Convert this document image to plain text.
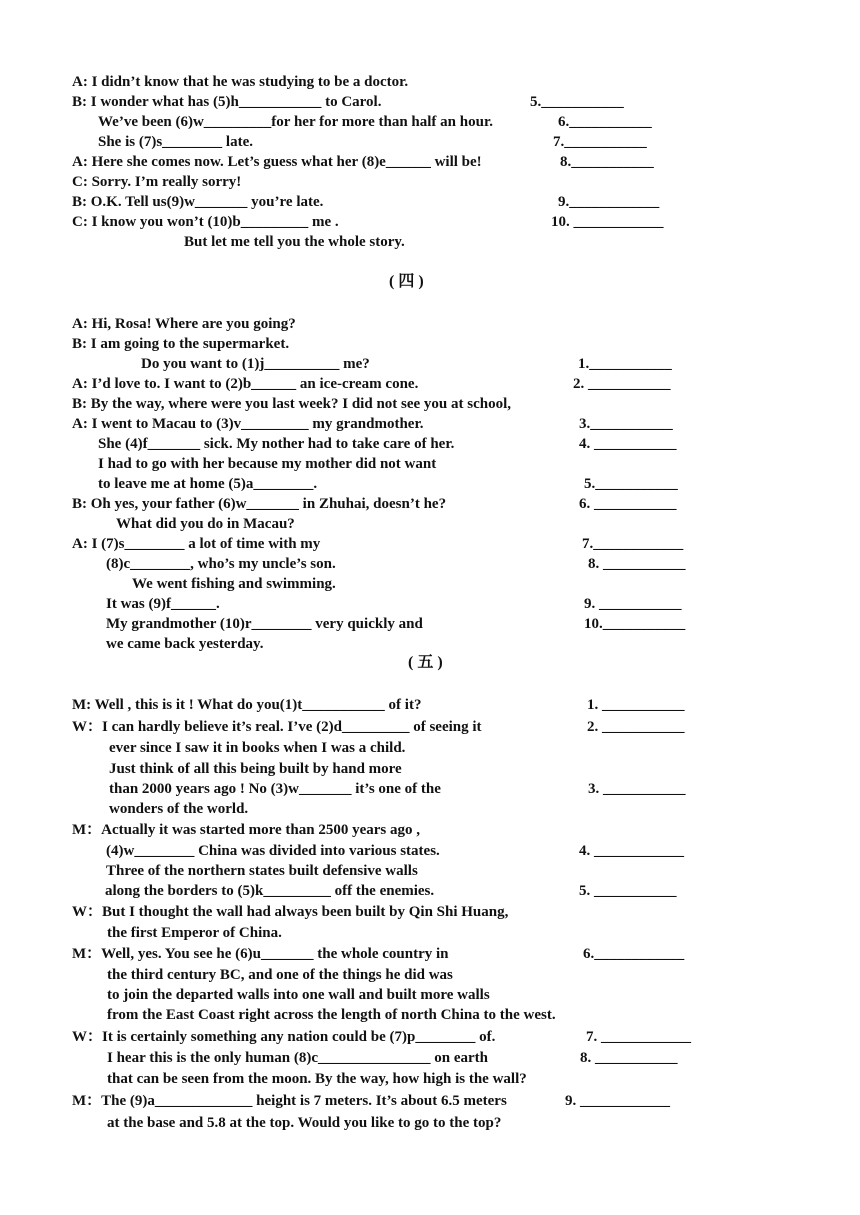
A: I didn’t know that he was studying to be a doctor.
B: I wonder what has (5)h___________ to Carol.
We’ve been (6)w_________for her for more than half an hour.
She is (7)s________ late.
A: Here she comes now. Let’s guess what her (8)e______ will be!
C: Sorry. I’m really sorry!
B: O.K. Tell us(9)w_______ you’re late.
C: I know you won’t (10)b_________ me .
But let me tell you the whole story.
5.___________
6.___________
7.___________
8.___________
9.____________
10. ____________
( 四 )
A: Hi, Rosa! Where are you going?
B: I am going to the supermarket.
Do you want to (1)j__________ me?
A: I’d love to. I want to (2)b______ an ice-cream cone.
B: By the way, where were you last week? I did not see you at school,
A: I went to Macau to (3)v_________ my grandmother.
She (4)f_______ sick. My nother had to take care of her.
I had to go with her because my mother did not want
to leave me at home (5)a________.
B: Oh yes, your father (6)w_______ in Zhuhai, doesn’t he?
What did you do in Macau?
A: I (7)s________ a lot of time with my
(8)c________, who’s my uncle’s son.
We went fishing and swimming.
It was (9)f______.
My grandmother (10)r________ very quickly and
we came back yesterday.
1.___________
2. ___________
3.___________
4. ___________
5.___________
6. ___________
7.____________
8. ___________
9. ___________
10.___________
( 五 )
M: Well , this is it ! What do you(1)t___________ of it?
W：I can hardly believe it’s real. I’ve (2)d_________ of seeing it
ever since I saw it in books when I was a child.
Just think of all this being built by hand more
than 2000 years ago ! No (3)w_______ it’s one of the
wonders of the world.
M：Actually it was started more than 2500 years ago ,
(4)w________ China was divided into various states.
Three of the northern states built defensive walls
along the borders to (5)k_________ off the enemies.
W：But I thought the wall had always been built by Qin Shi Huang,
the first Emperor of China.
M：Well, yes. You see he (6)u_______ the whole country in
the third century BC, and one of the things he did was
to join the departed walls into one wall and built more walls
from the East Coast right across the length of north China to the west.
W：It is certainly something any nation could be (7)p________ of.
I hear this is the only human (8)c_______________ on earth
that can be seen from the moon. By the way, how high is the wall?
M：The (9)a_____________ height is 7 meters. It’s about 6.5 meters
at the base and 5.8 at the top. Would you like to go to the top?
1. ___________
2. ___________
3. ___________
4. ____________
5. ___________
6.____________
7. ____________
8. ___________
9. ____________
